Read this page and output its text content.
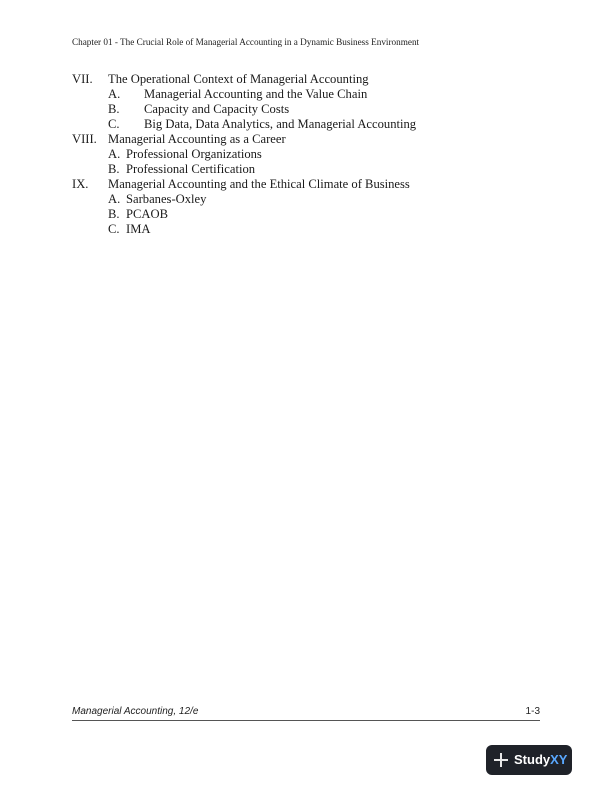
Chapter 01 - The Crucial Role of Managerial Accounting in a Dynamic Business Environment
VII. The Operational Context of Managerial Accounting
A. Managerial Accounting and the Value Chain
B. Capacity and Capacity Costs
C. Big Data, Data Analytics, and Managerial Accounting
VIII. Managerial Accounting as a Career
A. Professional Organizations
B. Professional Certification
IX. Managerial Accounting and the Ethical Climate of Business
A. Sarbanes-Oxley
B. PCAOB
C. IMA
Managerial Accounting, 12/e	1-3
StudyXY
